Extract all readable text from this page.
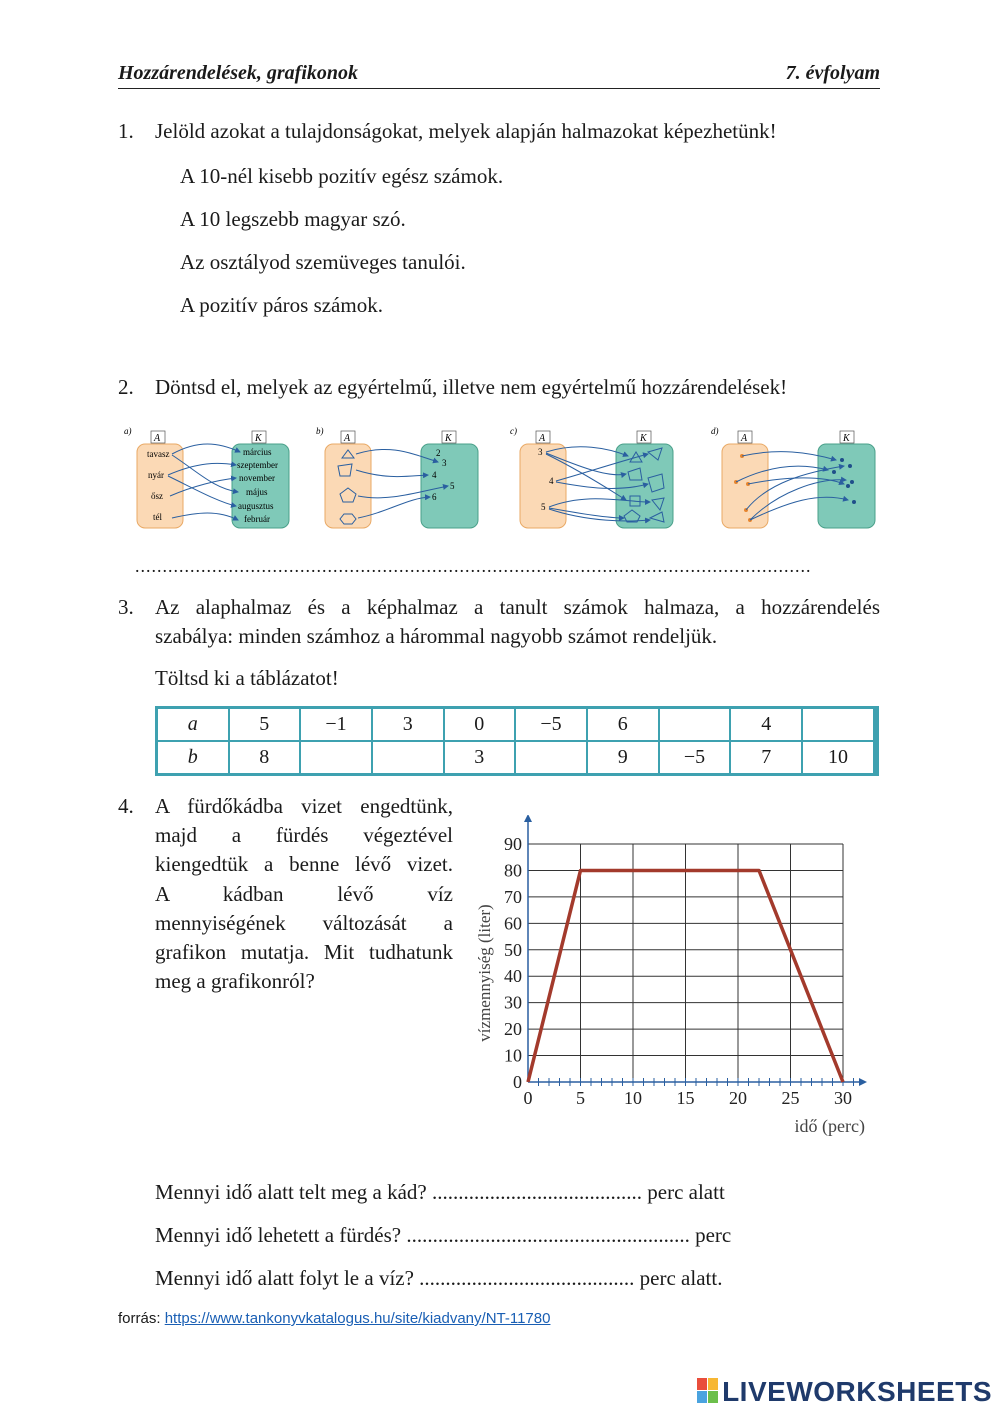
Hozzárendelések, grafikonok	7. évfolyam
1. Jelöld azokat a tulajdonságokat, melyek alapján halmazokat képezhetünk!
A 10-nél kisebb pozitív egész számok.
A 10 legszebb magyar szó.
Az osztályod szemüveges tanulói.
A pozitív páros számok.
2. Döntsd el, melyek az egyértelmű, illetve nem egyértelmű hozzárendelések!
a)
A	K
tavasz
nyár
ősz
tél
március
szeptember
november
május
augusztus
február
b)
A	K
2
3
4
5
6
c)
A	K
3
4
5
d)
A	K
...........................................................................................................................
3. Az alaphalmaz és a képhalmaz a tanult számok halmaza, a hozzárendelés
szabálya: minden számhoz a hárommal nagyobb számot rendeljük.
Töltsd ki a táblázatot!
a	5	−1	3	0	−5	6		4	
b	8			3		9	−5	7	10
4. A fürdőkádba vizet engedtünk,
majd a fürdés végeztével
kiengedtük a benne lévő vizet.
A kádban lévő víz
mennyiségének változását a
grafikon mutatja. Mit tudhatunk
meg a grafikonról?
0 5 10 15 20 25 30
0
10
20
30
40
50
60
70
80
90
idő (perc)
vízmennyiség (liter)
Mennyi idő alatt telt meg a kád? ........................................ perc alatt
Mennyi idő lehetett a fürdés? ...................................................... perc
Mennyi idő alatt folyt le a víz? ......................................... perc alatt.
forrás: https://www.tankonyvkatalogus.hu/site/kiadvany/NT-11780
LIVEWORKSHEETS
